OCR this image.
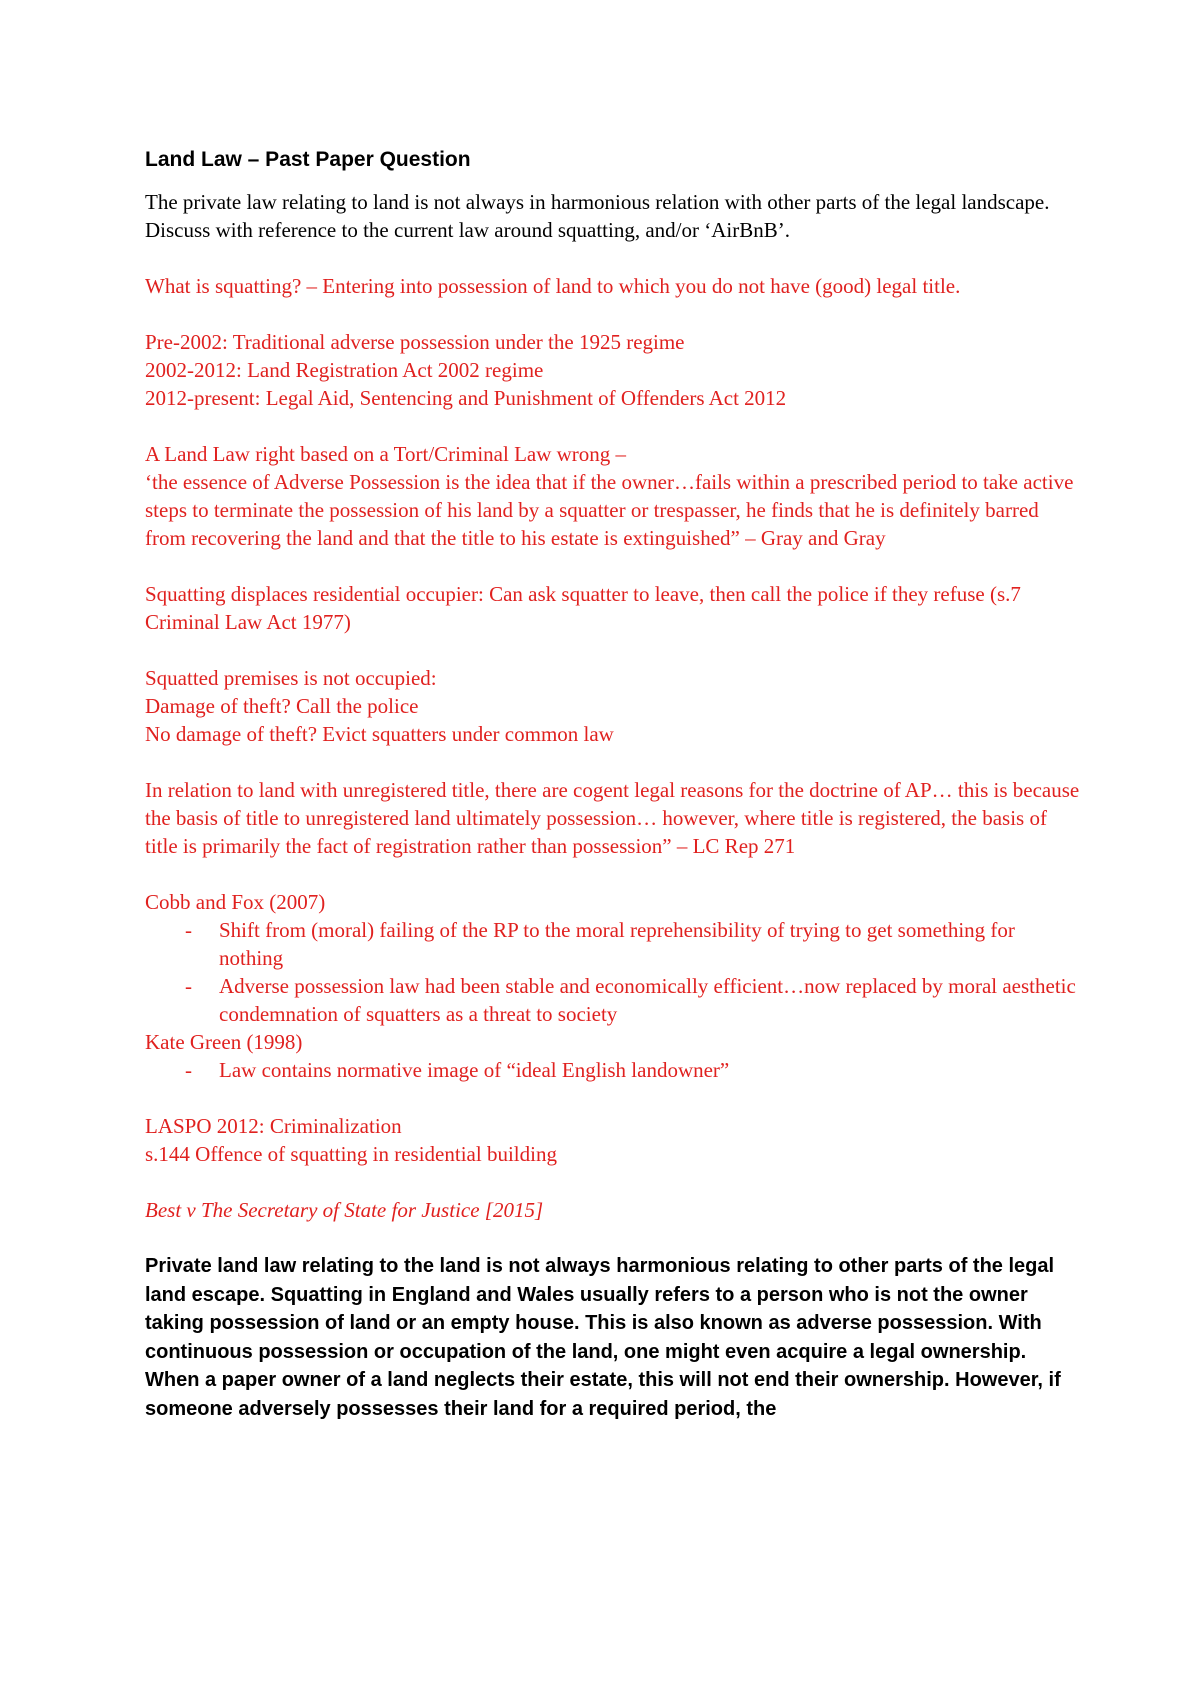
Land Law – Past Paper Question

The private law relating to land is not always in harmonious relation with other parts of the legal landscape. Discuss with reference to the current law around squatting, and/or ‘AirBnB’.

What is squatting? – Entering into possession of land to which you do not have (good) legal title.

Pre-2002: Traditional adverse possession under the 1925 regime
2002-2012: Land Registration Act 2002 regime
2012-present: Legal Aid, Sentencing and Punishment of Offenders Act 2012

A Land Law right based on a Tort/Criminal Law wrong –
‘the essence of Adverse Possession is the idea that if the owner…fails within a prescribed period to take active steps to terminate the possession of his land by a squatter or trespasser, he finds that he is definitely barred from recovering the land and that the title to his estate is extinguished” – Gray and Gray

Squatting displaces residential occupier: Can ask squatter to leave, then call the police if they refuse (s.7 Criminal Law Act 1977)

Squatted premises is not occupied:
Damage of theft? Call the police
No damage of theft? Evict squatters under common law

In relation to land with unregistered title, there are cogent legal reasons for the doctrine of AP… this is because the basis of title to unregistered land ultimately possession… however, where title is registered, the basis of title is primarily the fact of registration rather than possession” – LC Rep 271

Cobb and Fox (2007)
- Shift from (moral) failing of the RP to the moral reprehensibility of trying to get something for nothing
- Adverse possession law had been stable and economically efficient…now replaced by moral aesthetic condemnation of squatters as a threat to society
Kate Green (1998)
- Law contains normative image of “ideal English landowner”

LASPO 2012: Criminalization
s.144 Offence of squatting in residential building

Best v The Secretary of State for Justice [2015]

Private land law relating to the land is not always harmonious relating to other parts of the legal land escape. Squatting in England and Wales usually refers to a person who is not the owner taking possession of land or an empty house. This is also known as adverse possession. With continuous possession or occupation of the land, one might even acquire a legal ownership. When a paper owner of a land neglects their estate, this will not end their ownership. However, if someone adversely possesses their land for a required period, the
